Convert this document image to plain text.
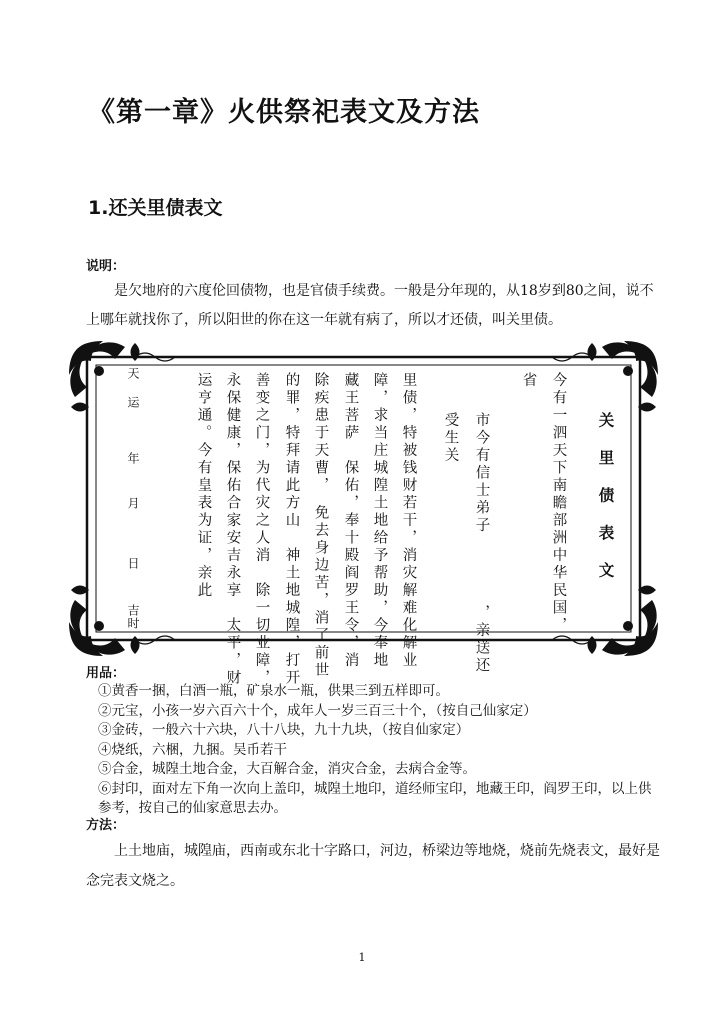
《第一章》火供祭祀表文及方法
1.还关里债表文
说明：
是欠地府的六度伦回债物，也是官债手续费。一般是分年现的，从18岁到80之间，说不上哪年就找你了，所以阳世的你在这一年就有病了，所以才还债，叫关里债。
关里债表文
今有一泗天下南瞻部洲中华民国，
省
市今有信士弟子　　　　，亲送还
受生关
里债，特被钱财若干，消灾解难化解业
障，求当庄城隍土地给予帮助，今奉地
藏王菩萨　保佑，奉十殿阎罗王令，消
除疾患于天曹，　免去身边苦，消了前世
的罪，特拜请此方山　神土地城隍，打开
善变之门，为代灾之人消　除一切业障，
永保健康，保佑合家安吉永享　太平，财
运亨通。今有皇表为证，亲此
天
运
年
月
日
吉时
用品：
①黄香一捆，白酒一瓶，矿泉水一瓶，供果三到五样即可。
②元宝，小孩一岁六百六十个，成年人一岁三百三十个，（按自己仙家定）
③金砖，一般六十六块，八十八块，九十九块，（按自仙家定）
④烧纸，六梱，九捆。吴币若干
⑤合金，城隍土地合金，大百解合金，消灾合金，去病合金等。
⑥封印，面对左下角一次向上盖印，城隍土地印，道经师宝印，地藏王印，阎罗王印，以上供参考，按自己的仙家意思去办。
方法：
上土地庙，城隍庙，西南或东北十字路口，河边，桥梁边等地烧，烧前先烧表文，最好是念完表文烧之。
1
